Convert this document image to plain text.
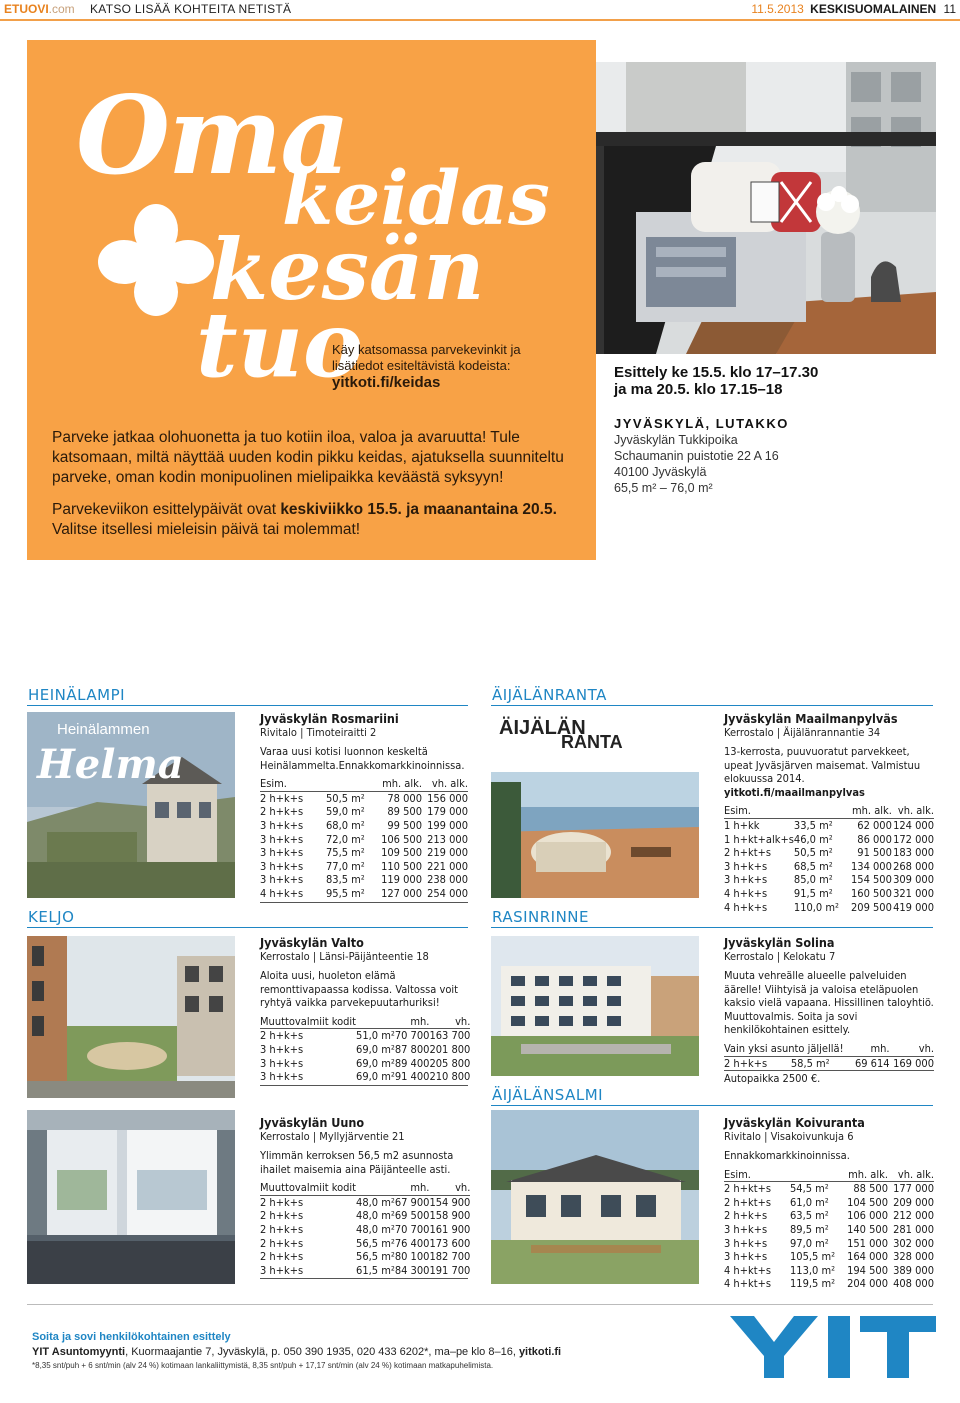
ETUOVI.com KATSO LISÄÄ KOHTEITA NETISTÄ	11.5.2013 KESKISUOMALAINEN 11
Oma
keidas
kesän
tuo
Käy katsomassa parvekevinkit ja
lisätiedot esiteltävistä kodeista:
yitkoti.fi/keidas
Parveke jatkaa olohuonetta ja tuo kotiin iloa, valoa ja avaruutta! Tule katsomaan, miltä näyttää uuden kodin pikku keidas, ajatuksella suunniteltu parveke, oman kodin monipuolinen mielipaikka keväästä syksyyn!
Parvekeviikon esittelypäivät ovat keskiviikko 15.5. ja maanantaina 20.5.
Valitse itsellesi mieleisin päivä tai molemmat!
Esittely ke 15.5. klo 17–17.30
ja ma 20.5. klo 17.15–18
JYVÄSKYLÄ, LUTAKKO
Jyväskylän Tukkipoika
Schaumanin puistotie 22 A 16
40100 Jyväskylä
65,5 m² – 76,0 m²
HEINÄLAMPI
Heinälammen
Helma
Jyväskylän Rosmariini
Rivitalo | Timoteiraitti 2
Varaa uusi kotisi luonnon keskeltä Heinälammelta.Ennakkomarkkinoinnissa.
Esim.		mh. alk.	vh. alk.
2 h+k+s	50,5 m²	78 000	156 000
2 h+k+s	59,0 m²	89 500	179 000
3 h+k+s	68,0 m²	99 500	199 000
3 h+k+s	72,0 m²	106 500	213 000
3 h+k+s	75,5 m²	109 500	219 000
3 h+k+s	77,0 m²	110 500	221 000
3 h+k+s	83,5 m²	119 000	238 000
4 h+k+s	95,5 m²	127 000	254 000
ÄIJÄLÄNRANTA
ÄIJÄLÄN
RANTA
Jyväskylän Maailmanpylväs
Kerrostalo | Äijälänrannantie 34
13-kerrosta, puuvuoratut parvekkeet, upeat Jyväsjärven maisemat. Valmistuu elokuussa 2014. yitkoti.fi/maailmanpylvas
Esim.		mh. alk.	vh. alk.
1 h+kk	33,5 m²	62 000	124 000
1 h+kt+alk+s	46,0 m²	86 000	172 000
2 h+kt+s	50,5 m²	91 500	183 000
3 h+k+s	68,5 m²	134 000	268 000
3 h+k+s	85,0 m²	154 500	309 000
4 h+k+s	91,5 m²	160 500	321 000
4 h+k+s	110,0 m²	209 500	419 000
KELJO
Jyväskylän Valto
Kerrostalo | Länsi-Päijänteentie 18
Aloita uusi, huoleton elämä remonttivapaassa kodissa. Valtossa voit ryhtyä vaikka parvekepuutarhuriksi!
Muuttovalmiit kodit		mh.	vh.
2 h+k+s	51,0 m²	70 700	163 700
3 h+k+s	69,0 m²	87 800	201 800
3 h+k+s	69,0 m²	89 400	205 800
3 h+k+s	69,0 m²	91 400	210 800
RASINRINNE
Jyväskylän Solina
Kerrostalo | Kelokatu 7
Muuta vehreälle alueelle palveluiden äärelle! Viihtyisä ja valoisa eteläpuolen kaksio vielä vapaana. Hissillinen taloyhtiö. Muuttovalmis. Soita ja sovi henkilökohtainen esittely.
Vain yksi asunto jäljellä!		mh.	vh.
2 h+k+s	58,5 m²	69 614	169 000
Autopaikka 2500 €.
ÄIJÄLÄNSALMI
Jyväskylän Uuno
Kerrostalo | Myllyjärventie 21
Ylimmän kerroksen 56,5 m2 asunnosta ihailet maisemia aina Päijänteelle asti.
Muuttovalmiit kodit		mh.	vh.
2 h+k+s	48,0 m²	67 900	154 900
2 h+k+s	48,0 m²	69 500	158 900
2 h+k+s	48,0 m²	70 700	161 900
2 h+k+s	56,5 m²	76 400	173 600
2 h+k+s	56,5 m²	80 100	182 700
3 h+k+s	61,5 m²	84 300	191 700
Jyväskylän Koivuranta
Rivitalo | Visakoivunkuja 6
Ennakkomarkkinoinnissa.
Esim.		mh. alk.	vh. alk.
2 h+kt+s	54,5 m²	88 500	177 000
2 h+kt+s	61,0 m²	104 500	209 000
2 h+k+s	63,5 m²	106 000	212 000
3 h+k+s	89,5 m²	140 500	281 000
3 h+k+s	97,0 m²	151 000	302 000
3 h+k+s	105,5 m²	164 000	328 000
4 h+kt+s	113,0 m²	194 500	389 000
4 h+kt+s	119,5 m²	204 000	408 000
Soita ja sovi henkilökohtainen esittely
YIT Asuntomyynti, Kuormaajantie 7, Jyväskylä, p. 050 390 1935, 020 433 6202*, ma–pe klo 8–16, yitkoti.fi
*8,35 snt/puh + 6 snt/min (alv 24 %) kotimaan lankaliittymistä, 8,35 snt/puh + 17,17 snt/min (alv 24 %) kotimaan matkapuhelimista.
